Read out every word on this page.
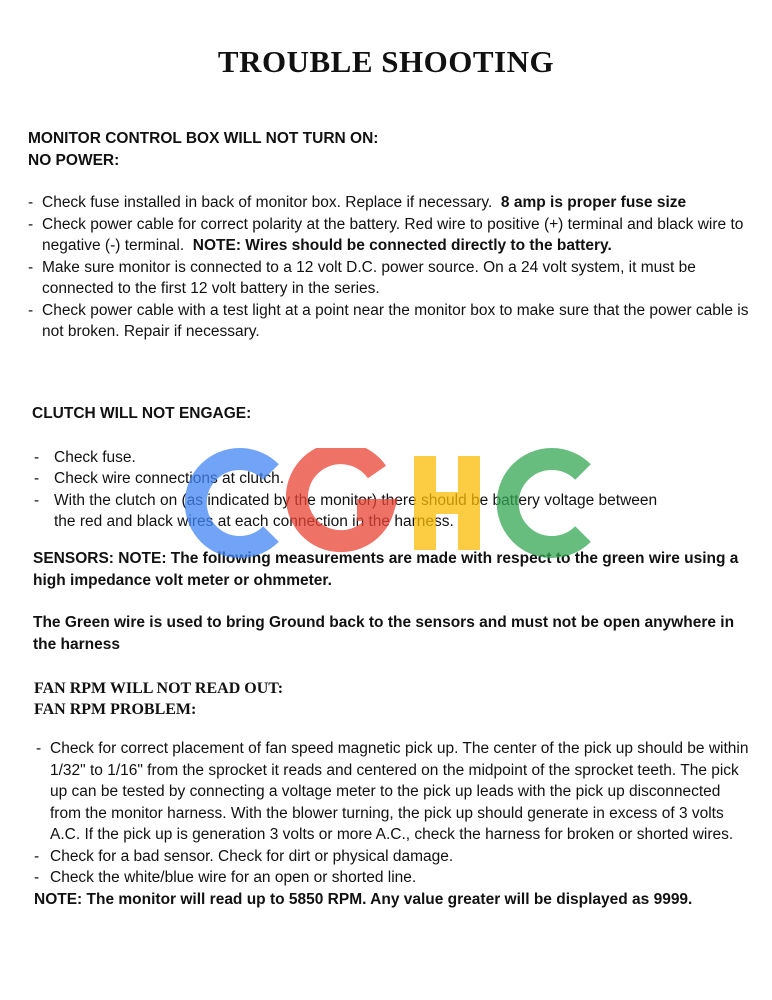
TROUBLE SHOOTING

MONITOR CONTROL BOX WILL NOT TURN ON:

NO POWER:

- Check fuse installed in back of monitor box. Replace if necessary. 8 amp is proper fuse size

- Check power cable for correct polarity at the battery. Red wire to positive (+) terminal and black wire to negative (-) terminal. NOTE: Wires should be connected directly to the battery.

- Make sure monitor is connected to a 12 volt D.C. power source. On a 24 volt system, it must be connected to the first 12 volt battery in the series.

- Check power cable with a test light at a point near the monitor box to make sure that the power cable is not broken. Repair if necessary.

CLUTCH WILL NOT ENGAGE:

- Check fuse.

- Check wire connections at clutch.

- With the clutch on (as indicated by the monitor) there should be battery voltage between the red and black wires at each connection in the harness.

SENSORS: NOTE: The following measurements are made with respect to the green wire using a high impedance volt meter or ohmmeter.

The Green wire is used to bring Ground back to the sensors and must not be open anywhere in the harness

FAN RPM WILL NOT READ OUT:

FAN RPM PROBLEM:

- Check for correct placement of fan speed magnetic pick up. The center of the pick up should be within 1/32" to 1/16" from the sprocket it reads and centered on the midpoint of the sprocket teeth. The pick up can be tested by connecting a voltage meter to the pick up leads with the pick up disconnected from the monitor harness. With the blower turning, the pick up should generate in excess of 3 volts A.C. If the pick up is generation 3 volts or more A.C., check the harness for broken or shorted wires.

- Check for a bad sensor. Check for dirt or physical damage.

- Check the white/blue wire for an open or shorted line.

NOTE: The monitor will read up to 5850 RPM. Any value greater will be displayed as 9999.
